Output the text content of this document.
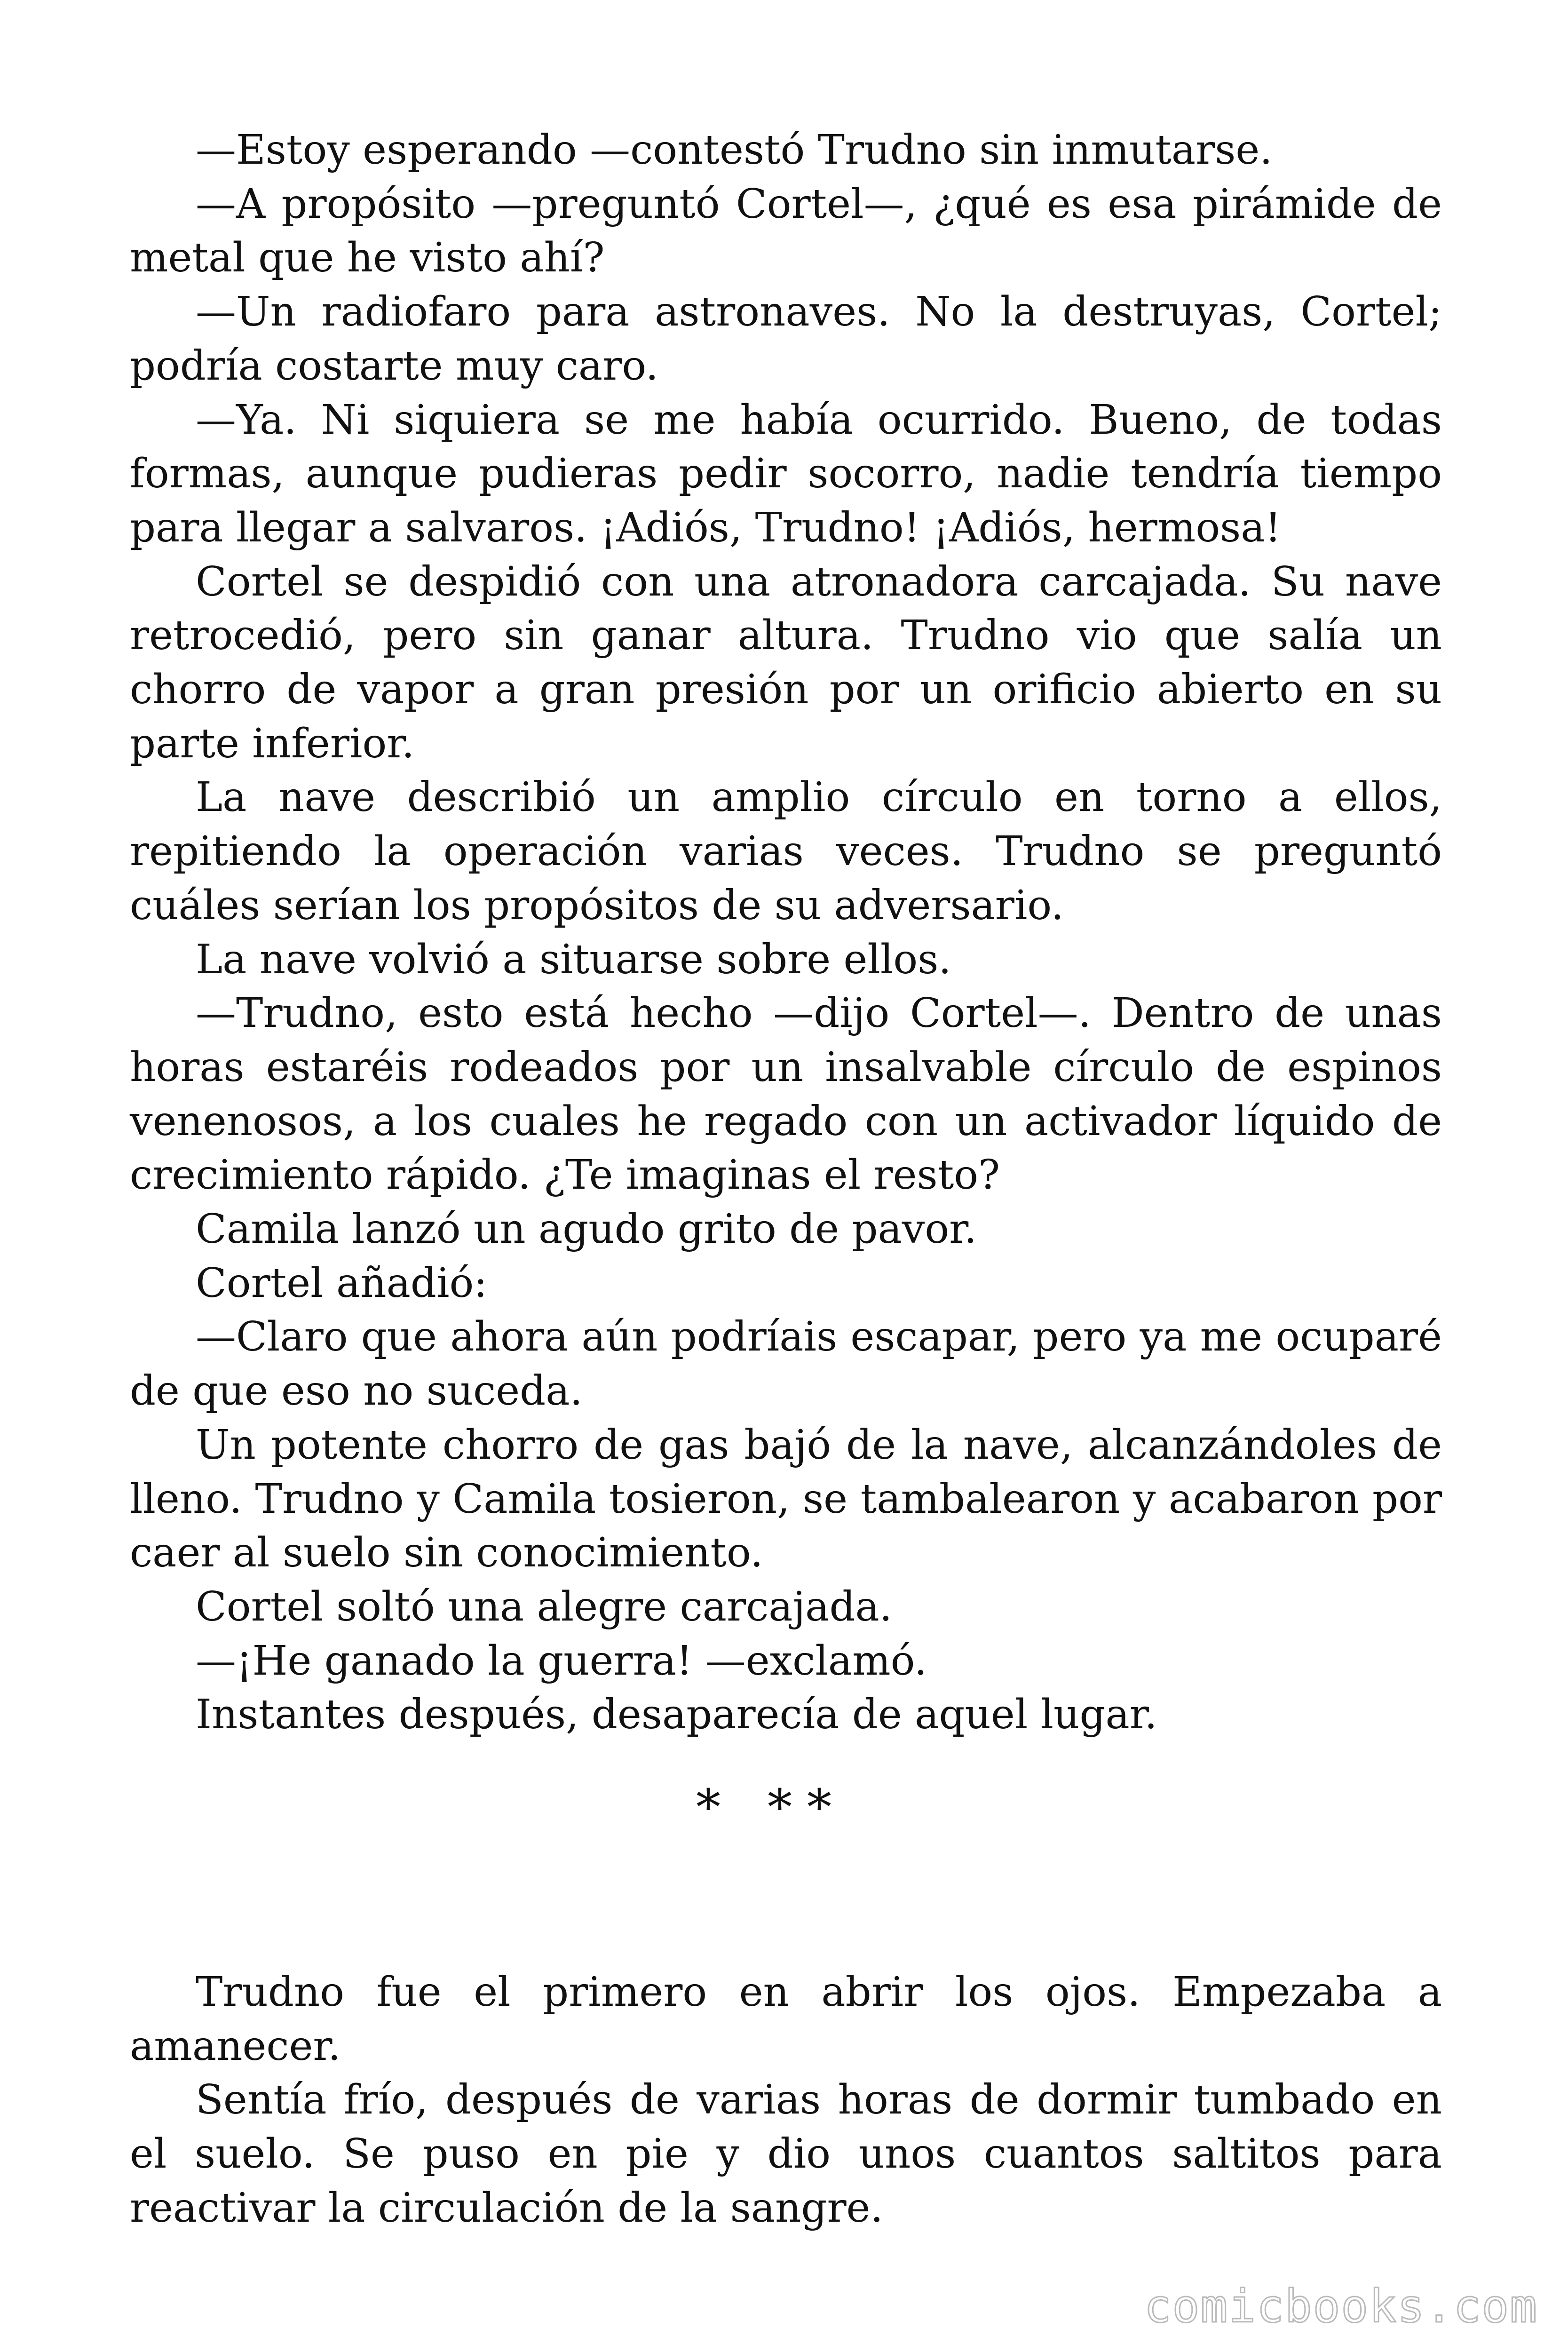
—Estoy esperando —contestó Trudno sin inmutarse.

—A propósito —preguntó Cortel—, ¿qué es esa pirámide de metal que he visto ahí?

—Un radiofaro para astronaves. No la destruyas, Cortel; podría costarte muy caro.

—Ya. Ni siquiera se me había ocurrido. Bueno, de todas formas, aunque pudieras pedir socorro, nadie tendría tiempo para llegar a salvaros. ¡Adiós, Trudno! ¡Adiós, hermosa!

Cortel se despidió con una atronadora carcajada. Su nave retrocedió, pero sin ganar altura. Trudno vio que salía un chorro de vapor a gran presión por un orificio abierto en su parte inferior.

La nave describió un amplio círculo en torno a ellos, repitiendo la operación varias veces. Trudno se preguntó cuáles serían los propósitos de su adversario.

La nave volvió a situarse sobre ellos.

—Trudno, esto está hecho —dijo Cortel—. Dentro de unas horas estaréis rodeados por un insalvable círculo de espinos venenosos, a los cuales he regado con un activador líquido de crecimiento rápido. ¿Te imaginas el resto?

Camila lanzó un agudo grito de pavor.

Cortel añadió:

—Claro que ahora aún podríais escapar, pero ya me ocuparé de que eso no suceda.

Un potente chorro de gas bajó de la nave, alcanzándoles de lleno. Trudno y Camila tosieron, se tambalearon y acabaron por caer al suelo sin conocimiento.

Cortel soltó una alegre carcajada.

—¡He ganado la guerra! —exclamó.

Instantes después, desaparecía de aquel lugar.

* * *

Trudno fue el primero en abrir los ojos. Empezaba a amanecer.

Sentía frío, después de varias horas de dormir tumbado en el suelo. Se puso en pie y dio unos cuantos saltitos para reactivar la circulación de la sangre.

comicbooks.com
